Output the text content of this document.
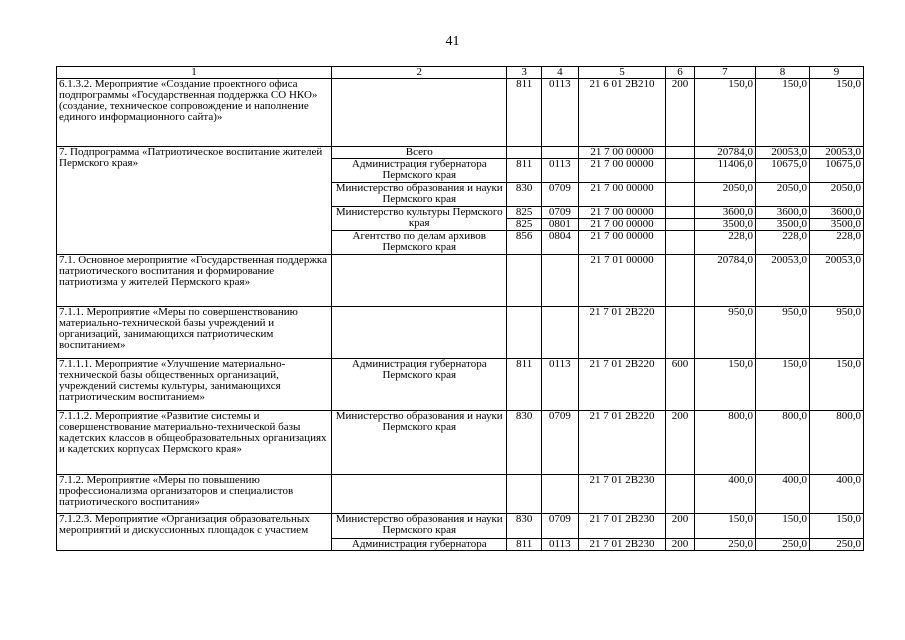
41
1	2	3	4	5	6	7	8	9
6.1.3.2. Мероприятие «Создание проектного офиса подпрограммы «Государственная поддержка СО НКО» (создание, техническое сопровождение и наполнение единого информационного сайта)»		811	0113	21 6 01 2В210	200	150,0	150,0	150,0
7. Подпрограмма «Патриотическое воспитание жителей Пермского края»	Всего			21 7 00 00000		20784,0	20053,0	20053,0
	Администрация губернатора Пермского края	811	0113	21 7 00 00000		11406,0	10675,0	10675,0
	Министерство образования и науки Пермского края	830	0709	21 7 00 00000		2050,0	2050,0	2050,0
	Министерство культуры Пермского края	825	0709	21 7 00 00000		3600,0	3600,0	3600,0
		825	0801	21 7 00 00000		3500,0	3500,0	3500,0
	Агентство по делам архивов Пермского края	856	0804	21 7 00 00000		228,0	228,0	228,0
7.1. Основное мероприятие «Государственная поддержка патриотического воспитания и формирование патриотизма у жителей Пермского края»				21 7 01 00000		20784,0	20053,0	20053,0
7.1.1. Мероприятие «Меры по совершенствованию материально-технической базы учреждений и организаций, занимающихся патриотическим воспитанием»				21 7 01 2В220		950,0	950,0	950,0
7.1.1.1. Мероприятие «Улучшение материально-технической базы общественных организаций, учреждений системы культуры, занимающихся патриотическим воспитанием»	Администрация губернатора Пермского края	811	0113	21 7 01 2В220	600	150,0	150,0	150,0
7.1.1.2. Мероприятие «Развитие системы и совершенствование материально-технической базы кадетских классов в общеобразовательных организациях и кадетских корпусах Пермского края»	Министерство образования и науки Пермского края	830	0709	21 7 01 2В220	200	800,0	800,0	800,0
7.1.2. Мероприятие «Меры по повышению профессионализма организаторов и специалистов патриотического воспитания»				21 7 01 2В230		400,0	400,0	400,0
7.1.2.3. Мероприятие «Организация образовательных мероприятий и дискуссионных площадок с участием	Министерство образования и науки Пермского края	830	0709	21 7 01 2В230	200	150,0	150,0	150,0
	Администрация губернатора	811	0113	21 7 01 2В230	200	250,0	250,0	250,0
